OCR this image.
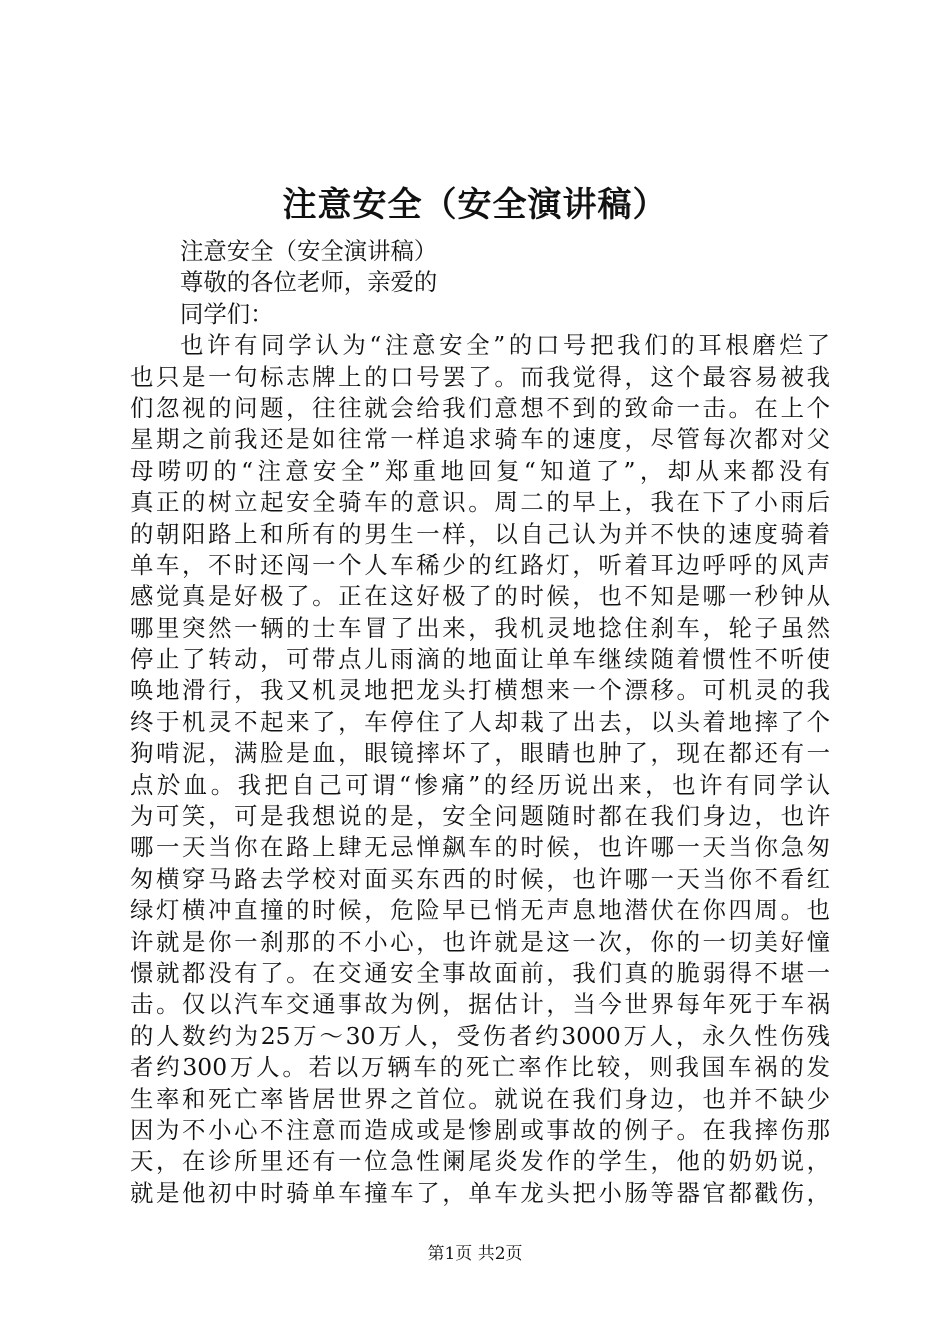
注意安全（安全演讲稿）

注意安全（安全演讲稿）

尊敬的各位老师，亲爱的

同学们：

也许有同学认为“注意安全”的口号把我们的耳根磨烂了

也只是一句标志牌上的口号罢了。而我觉得，这个最容易被我

们忽视的问题，往往就会给我们意想不到的致命一击。在上个

星期之前我还是如往常一样追求骑车的速度，尽管每次都对父

母唠叨的“注意安全”郑重地回复“知道了”，却从来都没有

真正的树立起安全骑车的意识。周二的早上，我在下了小雨后

的朝阳路上和所有的男生一样，以自己认为并不快的速度骑着

单车，不时还闯一个人车稀少的红路灯，听着耳边呼呼的风声

感觉真是好极了。正在这好极了的时候，也不知是哪一秒钟从

哪里突然一辆的士车冒了出来，我机灵地捻住刹车，轮子虽然

停止了转动，可带点儿雨滴的地面让单车继续随着惯性不听使

唤地滑行，我又机灵地把龙头打横想来一个漂移。可机灵的我

终于机灵不起来了，车停住了人却栽了出去，以头着地摔了个

狗啃泥，满脸是血，眼镜摔坏了，眼睛也肿了，现在都还有一

点於血。我把自己可谓“惨痛”的经历说出来，也许有同学认

为可笑，可是我想说的是，安全问题随时都在我们身边，也许

哪一天当你在路上肆无忌惮飙车的时候，也许哪一天当你急匆

匆横穿马路去学校对面买东西的时候，也许哪一天当你不看红

绿灯横冲直撞的时候，危险早已悄无声息地潜伏在你四周。也

许就是你一刹那的不小心，也许就是这一次，你的一切美好憧

憬就都没有了。在交通安全事故面前，我们真的脆弱得不堪一

击。仅以汽车交通事故为例，据估计，当今世界每年死于车祸

的人数约为25万～30万人，受伤者约3000万人，永久性伤残

者约300万人。若以万辆车的死亡率作比较，则我国车祸的发

生率和死亡率皆居世界之首位。就说在我们身边，也并不缺少

因为不小心不注意而造成或是惨剧或事故的例子。在我摔伤那

天，在诊所里还有一位急性阑尾炎发作的学生，他的奶奶说，

就是他初中时骑单车撞车了，单车龙头把小肠等器官都戳伤，

第1页 共2页
